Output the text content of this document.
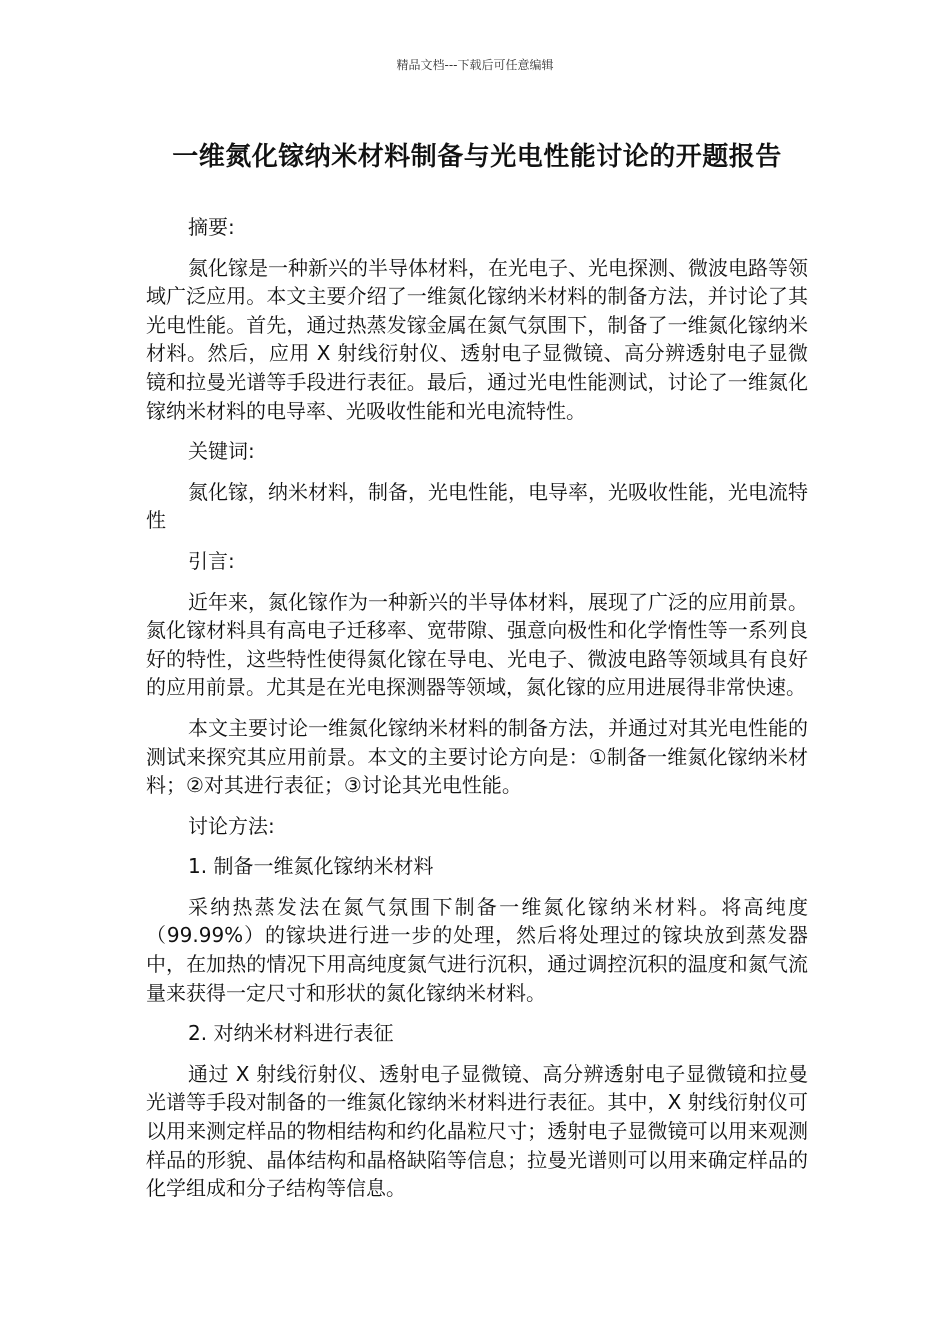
精品文档---下载后可任意编辑
一维氮化镓纳米材料制备与光电性能讨论的开题报告

摘要:

氮化镓是一种新兴的半导体材料，在光电子、光电探测、微波电路等领域广泛应用。本文主要介绍了一维氮化镓纳米材料的制备方法，并讨论了其光电性能。首先，通过热蒸发镓金属在氮气氛围下，制备了一维氮化镓纳米材料。然后，应用 X 射线衍射仪、透射电子显微镜、高分辨透射电子显微镜和拉曼光谱等手段进行表征。最后，通过光电性能测试，讨论了一维氮化镓纳米材料的电导率、光吸收性能和光电流特性。

关键词:

氮化镓，纳米材料，制备，光电性能，电导率，光吸收性能，光电流特性

引言:

近年来，氮化镓作为一种新兴的半导体材料，展现了广泛的应用前景。氮化镓材料具有高电子迁移率、宽带隙、强意向极性和化学惰性等一系列良好的特性，这些特性使得氮化镓在导电、光电子、微波电路等领域具有良好的应用前景。尤其是在光电探测器等领域，氮化镓的应用进展得非常快速。

本文主要讨论一维氮化镓纳米材料的制备方法，并通过对其光电性能的测试来探究其应用前景。本文的主要讨论方向是：①制备一维氮化镓纳米材料；②对其进行表征；③讨论其光电性能。

讨论方法:

1. 制备一维氮化镓纳米材料

采纳热蒸发法在氮气氛围下制备一维氮化镓纳米材料。将高纯度（99.99%）的镓块进行进一步的处理，然后将处理过的镓块放到蒸发器中，在加热的情况下用高纯度氮气进行沉积，通过调控沉积的温度和氮气流量来获得一定尺寸和形状的氮化镓纳米材料。

2. 对纳米材料进行表征

通过 X 射线衍射仪、透射电子显微镜、高分辨透射电子显微镜和拉曼光谱等手段对制备的一维氮化镓纳米材料进行表征。其中，X 射线衍射仪可以用来测定样品的物相结构和约化晶粒尺寸；透射电子显微镜可以用来观测样品的形貌、晶体结构和晶格缺陷等信息；拉曼光谱则可以用来确定样品的化学组成和分子结构等信息。
